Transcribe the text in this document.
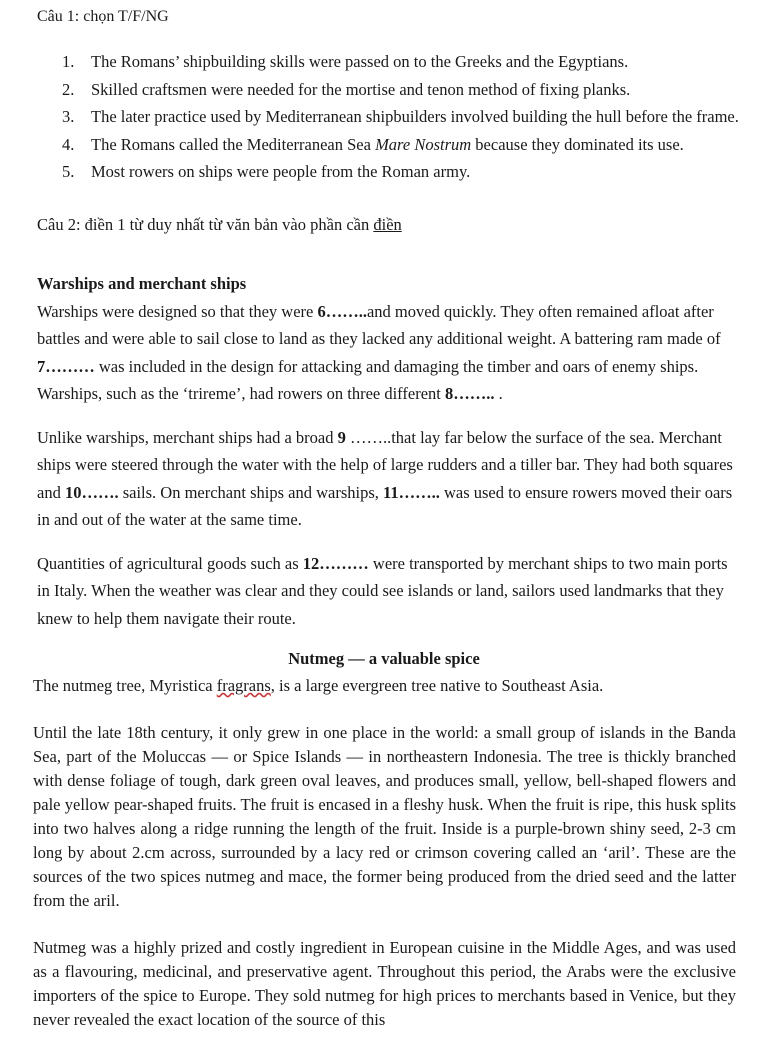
Câu 1: chọn T/F/NG
1. The Romans’ shipbuilding skills were passed on to the Greeks and the Egyptians.
2. Skilled craftsmen were needed for the mortise and tenon method of fixing planks.
3. The later practice used by Mediterranean shipbuilders involved building the hull before the frame.
4. The Romans called the Mediterranean Sea Mare Nostrum because they dominated its use.
5. Most rowers on ships were people from the Roman army.
Câu 2: điền 1 từ duy nhất từ văn bản vào phần cần điền

Warships and merchant ships

Warships were designed so that they were 6……..and moved quickly. They often remained afloat after battles and were able to sail close to land as they lacked any additional weight. A battering ram made of 7……… was included in the design for attacking and damaging the timber and oars of enemy ships. Warships, such as the ‘trireme’, had rowers on three different 8…….. .

Unlike warships, merchant ships had a broad 9 ……..that lay far below the surface of the sea. Merchant ships were steered through the water with the help of large rudders and a tiller bar. They had both squares and 10……. sails. On merchant ships and warships, 11…….. was used to ensure rowers moved their oars in and out of the water at the same time.

Quantities of agricultural goods such as 12……… were transported by merchant ships to two main ports in Italy. When the weather was clear and they could see islands or land, sailors used landmarks that they knew to help them navigate their route.

Nutmeg — a valuable spice

The nutmeg tree, Myristica fragrans, is a large evergreen tree native to Southeast Asia.

Until the late 18th century, it only grew in one place in the world: a small group of islands in the Banda Sea, part of the Moluccas — or Spice Islands — in northeastern Indonesia. The tree is thickly branched with dense foliage of tough, dark green oval leaves, and produces small, yellow, bell-shaped flowers and pale yellow pear-shaped fruits. The fruit is encased in a fleshy husk. When the fruit is ripe, this husk splits into two halves along a ridge running the length of the fruit. Inside is a purple-brown shiny seed, 2-3 cm long by about 2.cm across, surrounded by a lacy red or crimson covering called an ‘aril’. These are the sources of the two spices nutmeg and mace, the former being produced from the dried seed and the latter from the aril.

Nutmeg was a highly prized and costly ingredient in European cuisine in the Middle Ages, and was used as a flavouring, medicinal, and preservative agent. Throughout this period, the Arabs were the exclusive importers of the spice to Europe. They sold nutmeg for high prices to merchants based in Venice, but they never revealed the exact location of the source of this
